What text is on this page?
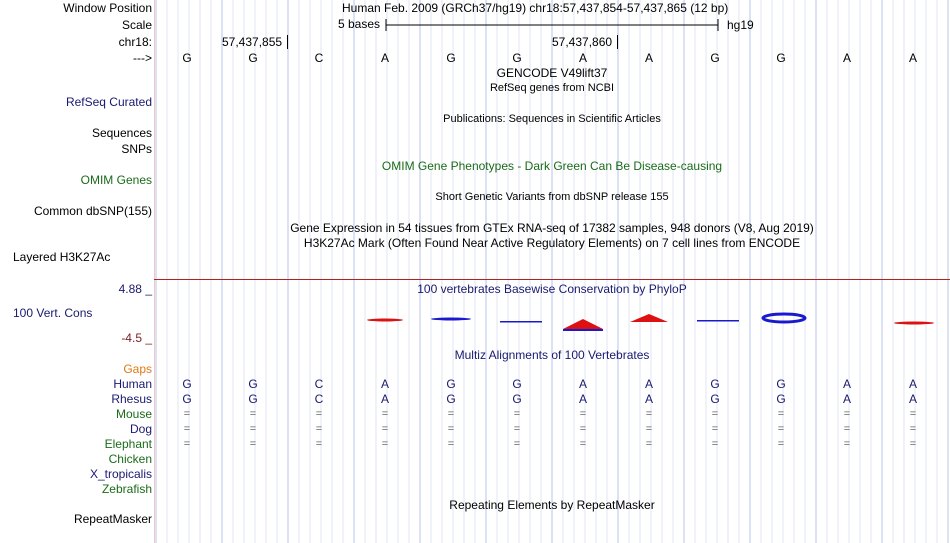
Window Position	Human Feb. 2009 (GRCh37/hg19) chr18:57,437,854-57,437,865 (12 bp)
Scale	5 bases	hg19
chr18:	57,437,855	57,437,860
--->	G	G	C	A	G	G	A	A	G	G	A	A
GENCODE V49lift37
RefSeq genes from NCBI
RefSeq Curated
Publications: Sequences in Scientific Articles
Sequences
SNPs
OMIM Gene Phenotypes - Dark Green Can Be Disease-causing
OMIM Genes
Short Genetic Variants from dbSNP release 155
Common dbSNP(155)
Gene Expression in 54 tissues from GTEx RNA-seq of 17382 samples, 948 donors (V8, Aug 2019)
H3K27Ac Mark (Often Found Near Active Regulatory Elements) on 7 cell lines from ENCODE
Layered H3K27Ac
4.88 _	100 vertebrates Basewise Conservation by PhyloP
100 Vert. Cons
-4.5 _
Multiz Alignments of 100 Vertebrates
Gaps
Human	G	G	C	A	G	G	A	A	G	G	A	A
Rhesus	G	G	C	A	G	G	A	A	G	G	A	A
Mouse	=	=	=	=	=	=	=	=	=	=	=	=
Dog	=	=	=	=	=	=	=	=	=	=	=	=
Elephant	=	=	=	=	=	=	=	=	=	=	=	=
Chicken
X_tropicalis
Zebrafish
Repeating Elements by RepeatMasker
RepeatMasker
